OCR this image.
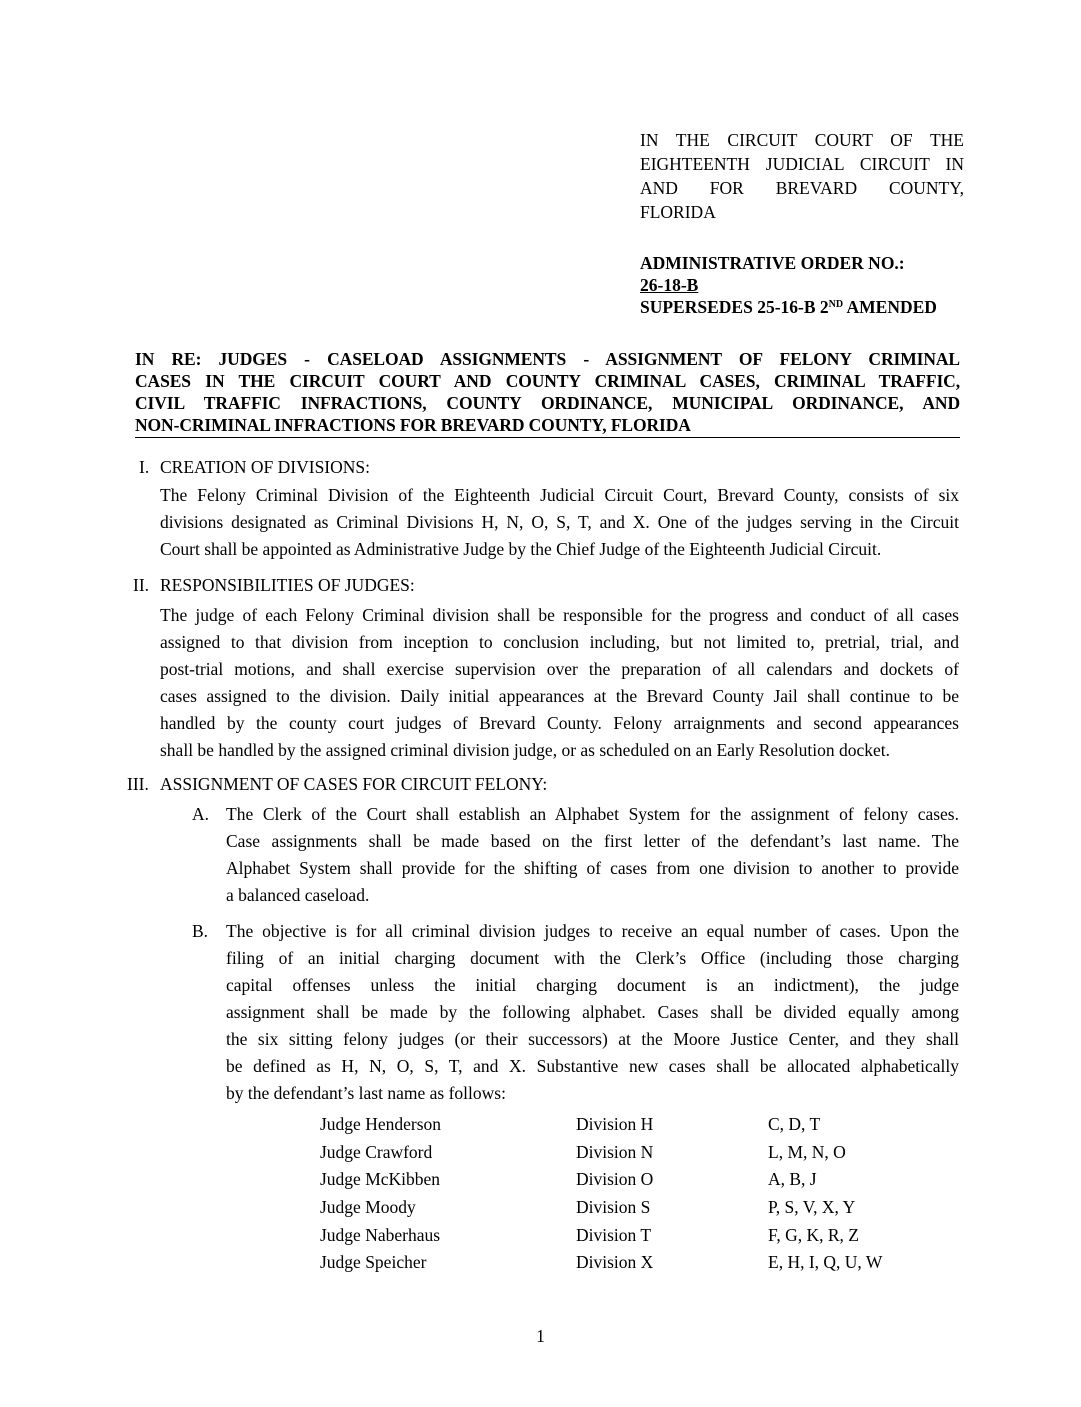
IN THE CIRCUIT COURT OF THE
EIGHTEENTH JUDICIAL CIRCUIT IN
AND FOR BREVARD COUNTY,
FLORIDA
ADMINISTRATIVE ORDER NO.:
26-18-B
SUPERSEDES 25-16-B 2ND AMENDED
IN RE: JUDGES - CASELOAD ASSIGNMENTS - ASSIGNMENT OF FELONY CRIMINAL
CASES IN THE CIRCUIT COURT AND COUNTY CRIMINAL CASES, CRIMINAL TRAFFIC,
CIVIL TRAFFIC INFRACTIONS, COUNTY ORDINANCE, MUNICIPAL ORDINANCE, AND
NON-CRIMINAL INFRACTIONS FOR BREVARD COUNTY, FLORIDA
I. CREATION OF DIVISIONS:
The Felony Criminal Division of the Eighteenth Judicial Circuit Court, Brevard County, consists of six
divisions designated as Criminal Divisions H, N, O, S, T, and X. One of the judges serving in the Circuit
Court shall be appointed as Administrative Judge by the Chief Judge of the Eighteenth Judicial Circuit.
II. RESPONSIBILITIES OF JUDGES:
The judge of each Felony Criminal division shall be responsible for the progress and conduct of all cases
assigned to that division from inception to conclusion including, but not limited to, pretrial, trial, and
post-trial motions, and shall exercise supervision over the preparation of all calendars and dockets of
cases assigned to the division. Daily initial appearances at the Brevard County Jail shall continue to be
handled by the county court judges of Brevard County. Felony arraignments and second appearances
shall be handled by the assigned criminal division judge, or as scheduled on an Early Resolution docket.
III. ASSIGNMENT OF CASES FOR CIRCUIT FELONY:
A. The Clerk of the Court shall establish an Alphabet System for the assignment of felony cases.
Case assignments shall be made based on the first letter of the defendant’s last name. The
Alphabet System shall provide for the shifting of cases from one division to another to provide
a balanced caseload.
B. The objective is for all criminal division judges to receive an equal number of cases. Upon the
filing of an initial charging document with the Clerk’s Office (including those charging
capital offenses unless the initial charging document is an indictment), the judge
assignment shall be made by the following alphabet. Cases shall be divided equally among
the six sitting felony judges (or their successors) at the Moore Justice Center, and they shall
be defined as H, N, O, S, T, and X. Substantive new cases shall be allocated alphabetically
by the defendant’s last name as follows:
Judge Henderson	Division H	C, D, T
Judge Crawford	Division N	L, M, N, O
Judge McKibben	Division O	A, B, J
Judge Moody	Division S	P, S, V, X, Y
Judge Naberhaus	Division T	F, G, K, R, Z
Judge Speicher	Division X	E, H, I, Q, U, W
1
